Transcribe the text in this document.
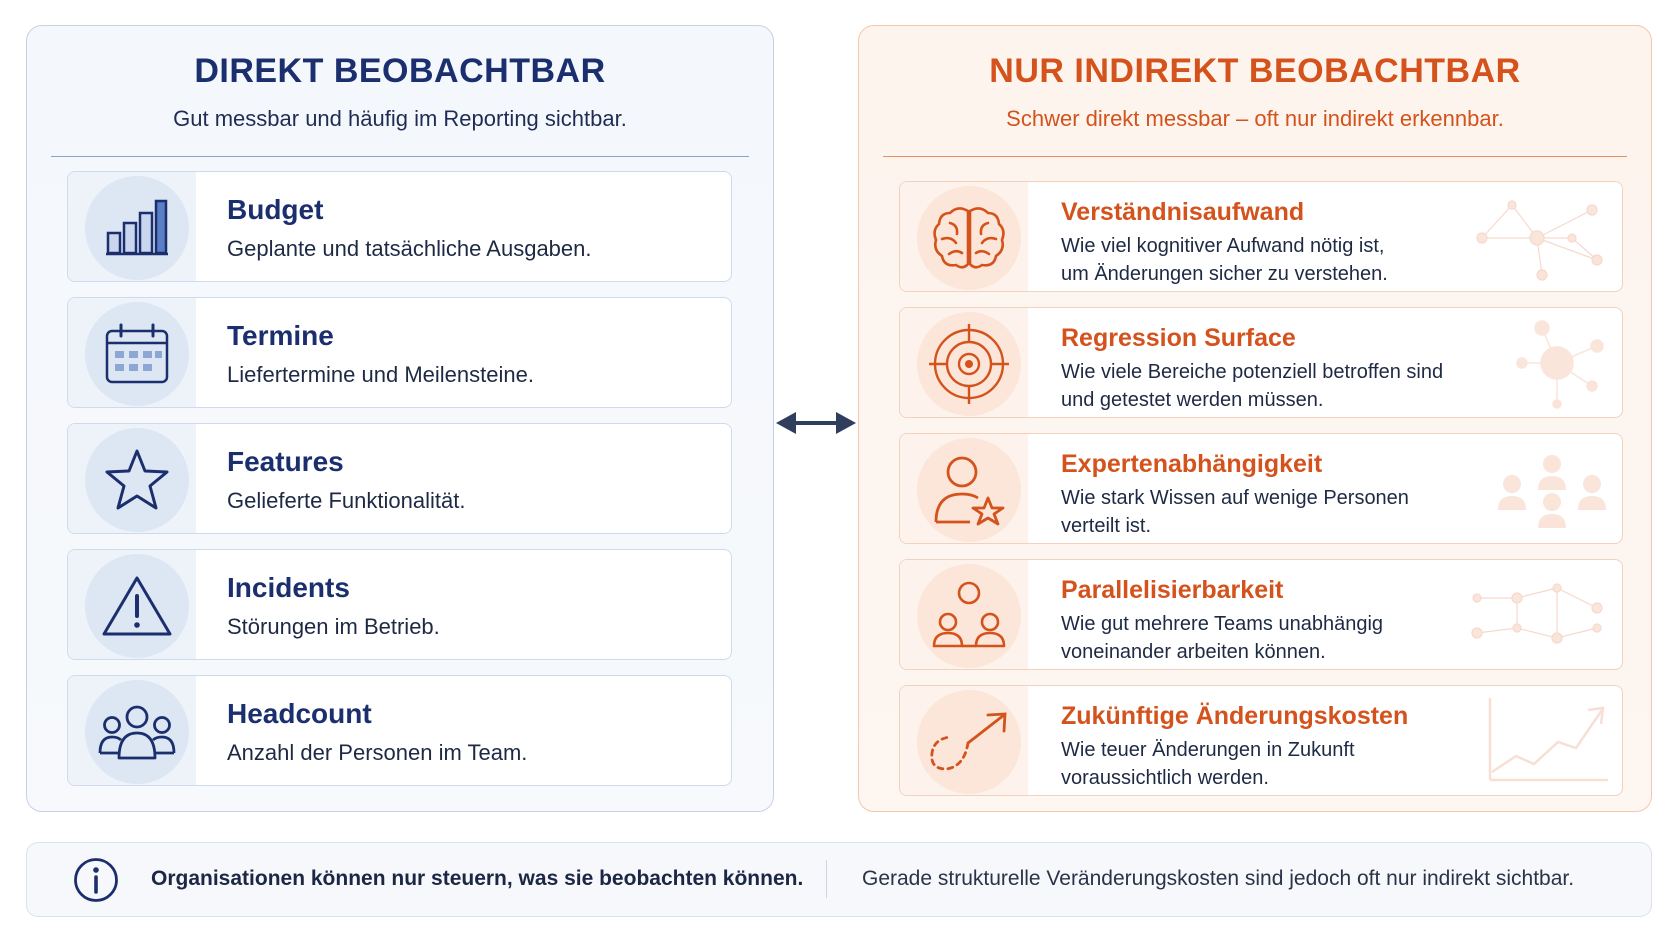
DIREKT BEOBACHTBAR
Gut messbar und häufig im Reporting sichtbar.
Budget
Geplante und tatsächliche Ausgaben.
Termine
Liefertermine und Meilensteine.
Features
Gelieferte Funktionalität.
Incidents
Störungen im Betrieb.
Headcount
Anzahl der Personen im Team.
NUR INDIREKT BEOBACHTBAR
Schwer direkt messbar – oft nur indirekt erkennbar.
Verständnisaufwand
Wie viel kognitiver Aufwand nötig ist,
um Änderungen sicher zu verstehen.
Regression Surface
Wie viele Bereiche potenziell betroffen sind
und getestet werden müssen.
Expertenabhängigkeit
Wie stark Wissen auf wenige Personen
verteilt ist.
Parallelisierbarkeit
Wie gut mehrere Teams unabhängig
voneinander arbeiten können.
Zukünftige Änderungskosten
Wie teuer Änderungen in Zukunft
voraussichtlich werden.
Organisationen können nur steuern, was sie beobachten können.	Gerade strukturelle Veränderungskosten sind jedoch oft nur indirekt sichtbar.
